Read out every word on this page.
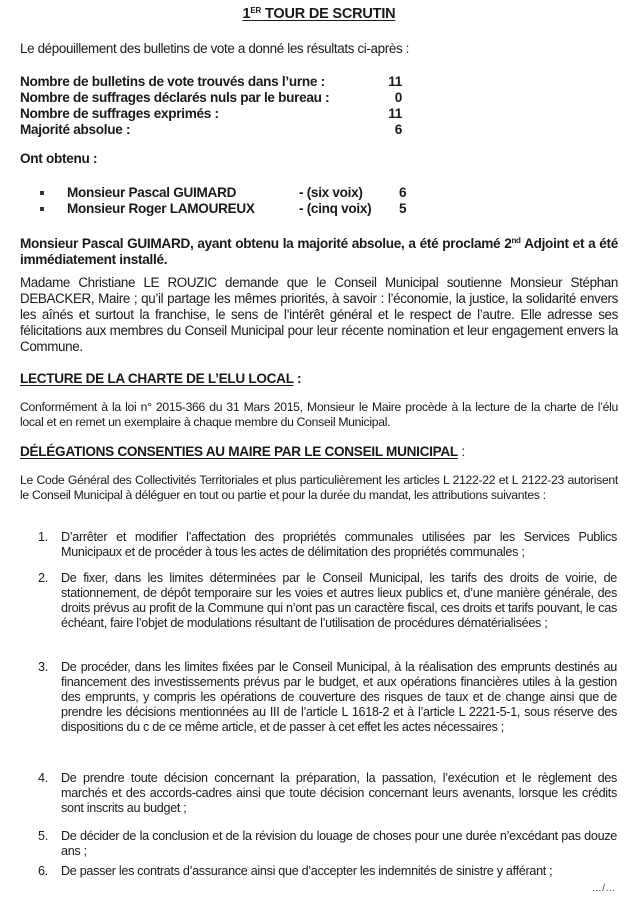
1ER TOUR DE SCRUTIN
Le dépouillement des bulletins de vote a donné les résultats ci-après :
Nombre de bulletins de vote trouvés dans l’urne :	11
Nombre de suffrages déclarés nuls par le bureau :	0
Nombre de suffrages exprimés :	11
Majorité absolue :	6
Ont obtenu :
Monsieur Pascal GUIMARD	- (six voix)	6
Monsieur Roger LAMOUREUX	- (cinq voix) 5
Monsieur Pascal GUIMARD, ayant obtenu la majorité absolue, a été proclamé 2nd Adjoint et a été immédiatement installé.
Madame Christiane LE ROUZIC demande que le Conseil Municipal soutienne Monsieur Stéphan DEBACKER, Maire ; qu’il partage les mêmes priorités, à savoir : l’économie, la justice, la solidarité envers les aînés et surtout la franchise, le sens de l’intérêt général et le respect de l’autre. Elle adresse ses félicitations aux membres du Conseil Municipal pour leur récente nomination et leur engagement envers la Commune.
LECTURE DE LA CHARTE DE L’ELU LOCAL :
Conformément à la loi n° 2015-366 du 31 Mars 2015, Monsieur le Maire procède à la lecture de la charte de l’élu local et en remet un exemplaire à chaque membre du Conseil Municipal.
DÉLÉGATIONS CONSENTIES AU MAIRE PAR LE CONSEIL MUNICIPAL :
Le Code Général des Collectivités Territoriales et plus particulièrement les articles L 2122-22 et L 2122-23 autorisent le Conseil Municipal à déléguer en tout ou partie et pour la durée du mandat, les attributions suivantes :
1. D’arrêter et modifier l’affectation des propriétés communales utilisées par les Services Publics Municipaux et de procéder à tous les actes de délimitation des propriétés communales ;
2. De fixer, dans les limites déterminées par le Conseil Municipal, les tarifs des droits de voirie, de stationnement, de dépôt temporaire sur les voies et autres lieux publics et, d’une manière générale, des droits prévus au profit de la Commune qui n’ont pas un caractère fiscal, ces droits et tarifs pouvant, le cas échéant, faire l’objet de modulations résultant de l’utilisation de procédures dématérialisées ;
3. De procéder, dans les limites fixées par le Conseil Municipal, à la réalisation des emprunts destinés au financement des investissements prévus par le budget, et aux opérations financières utiles à la gestion des emprunts, y compris les opérations de couverture des risques de taux et de change ainsi que de prendre les décisions mentionnées au III de l’article L 1618-2 et à l’article L 2221-5-1, sous réserve des dispositions du c de ce même article, et de passer à cet effet les actes nécessaires ;
4. De prendre toute décision concernant la préparation, la passation, l’exécution et le règlement des marchés et des accords-cadres ainsi que toute décision concernant leurs avenants, lorsque les crédits sont inscrits au budget ;
5. De décider de la conclusion et de la révision du louage de choses pour une durée n’excédant pas douze ans ;
6. De passer les contrats d’assurance ainsi que d’accepter les indemnités de sinistre y afférant ;
…/…
